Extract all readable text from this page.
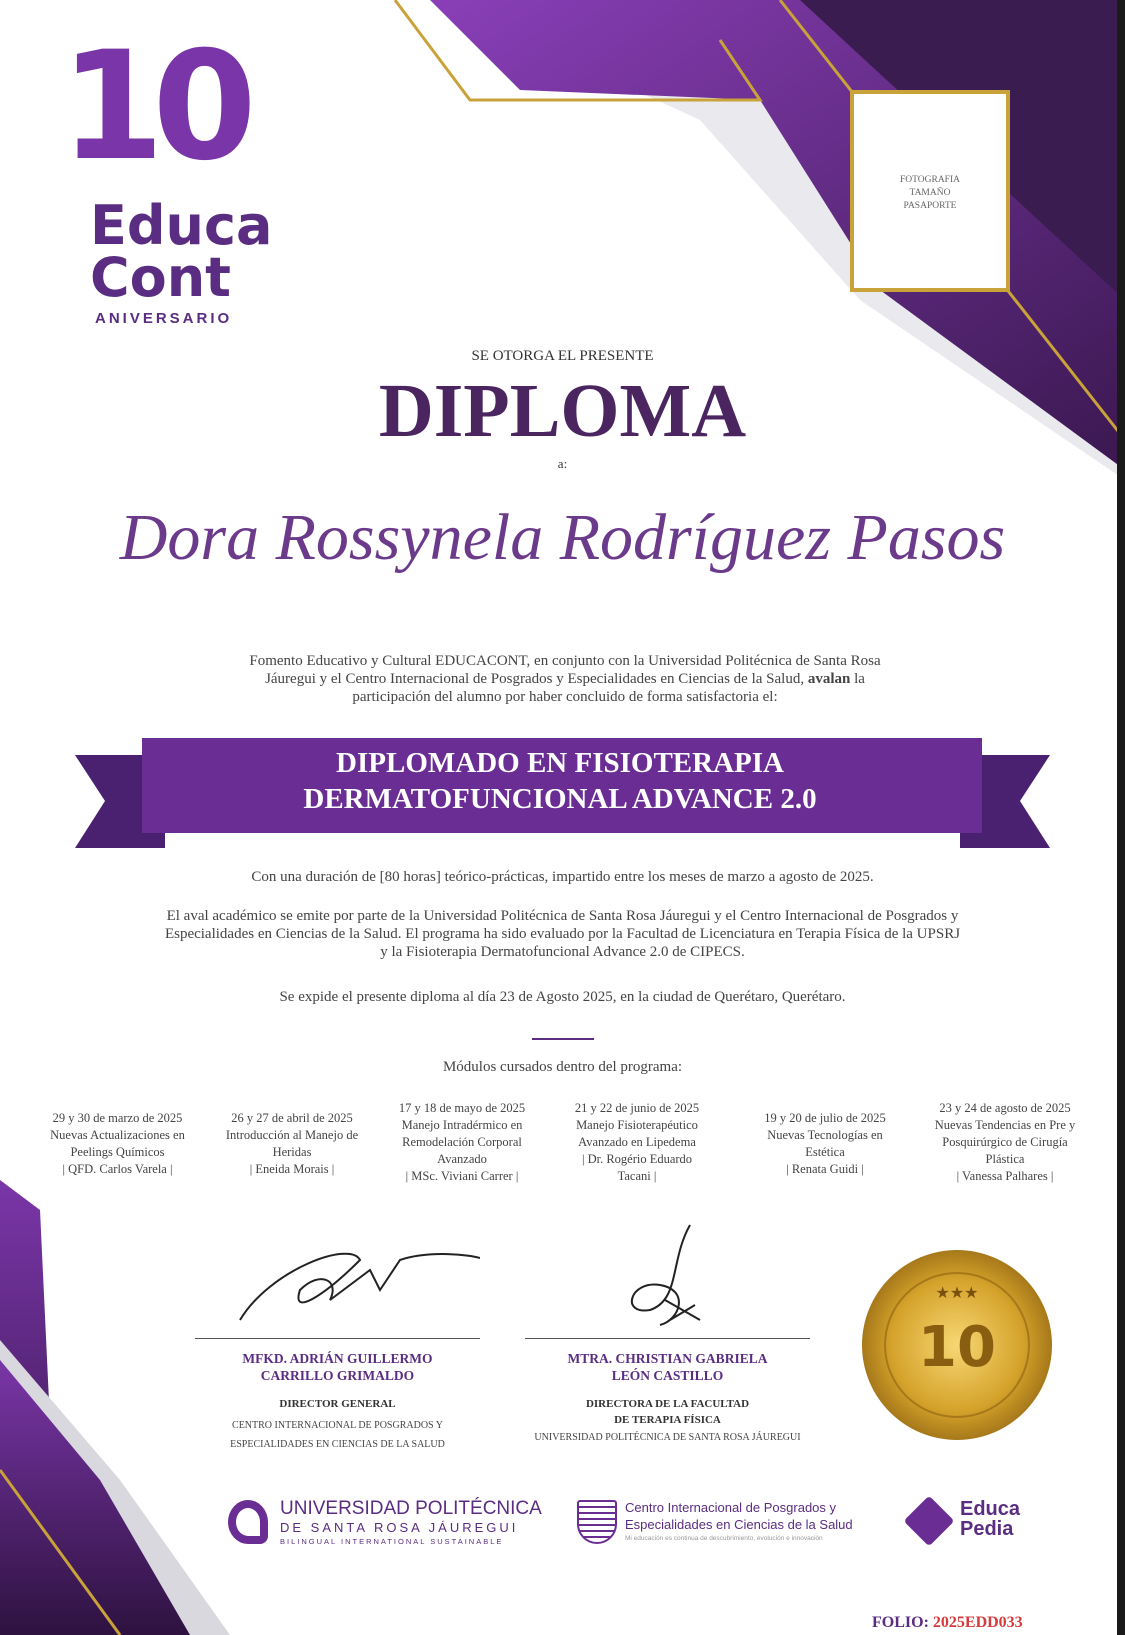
10
Educa
Cont
ANIVERSARIO
FOTOGRAFIA
TAMAÑO
PASAPORTE
SE OTORGA EL PRESENTE
DIPLOMA
a:
Dora Rossynela Rodríguez Pasos
Fomento Educativo y Cultural EDUCACONT, en conjunto con la Universidad Politécnica de Santa Rosa Jáuregui y el Centro Internacional de Posgrados y Especialidades en Ciencias de la Salud, avalan la participación del alumno por haber concluido de forma satisfactoria el:
DIPLOMADO EN FISIOTERAPIA
DERMATOFUNCIONAL ADVANCE 2.0
Con una duración de [80 horas] teórico-prácticas, impartido entre los meses de marzo a agosto de 2025.
El aval académico se emite por parte de la Universidad Politécnica de Santa Rosa Jáuregui y el Centro Internacional de Posgrados y Especialidades en Ciencias de la Salud. El programa ha sido evaluado por la Facultad de Licenciatura en Terapia Física de la UPSRJ y la Fisioterapia Dermatofuncional Advance 2.0 de CIPECS.
Se expide el presente diploma al día 23 de Agosto 2025, en la ciudad de Querétaro, Querétaro.
Módulos cursados dentro del programa:
29 y 30 de marzo de 2025
Nuevas Actualizaciones en Peelings Químicos
| QFD. Carlos Varela |
26 y 27 de abril de 2025
Introducción al Manejo de Heridas
| Eneida Morais |
17 y 18 de mayo de 2025
Manejo Intradérmico en Remodelación Corporal Avanzado
| MSc. Viviani Carrer |
21 y 22 de junio de 2025
Manejo Fisioterapéutico Avanzado en Lipedema
| Dr. Rogério Eduardo Tacani |
19 y 20 de julio de 2025
Nuevas Tecnologías en Estética
| Renata Guidi |
23 y 24 de agosto de 2025
Nuevas Tendencias en Pre y Posquirúrgico de Cirugía Plástica
| Vanessa Palhares |
MFKD. ADRIÁN GUILLERMO
CARRILLO GRIMALDO
DIRECTOR GENERAL
CENTRO INTERNACIONAL DE POSGRADOS Y
ESPECIALIDADES EN CIENCIAS DE LA SALUD
MTRA. CHRISTIAN GABRIELA
LEÓN CASTILLO
DIRECTORA DE LA FACULTAD
DE TERAPIA FÍSICA
UNIVERSIDAD POLITÉCNICA DE SANTA ROSA JÁUREGUI
10
★★★
UNIVERSIDAD POLITÉCNICA
DE SANTA ROSA JÁUREGUI
BILINGUAL INTERNATIONAL SUSTAINABLE
Centro Internacional de Posgrados y
Especialidades en Ciencias de la Salud
Mi educación es continua de descubrimiento, evolución e innovación
Educa
Pedia
FOLIO: 2025EDD033
